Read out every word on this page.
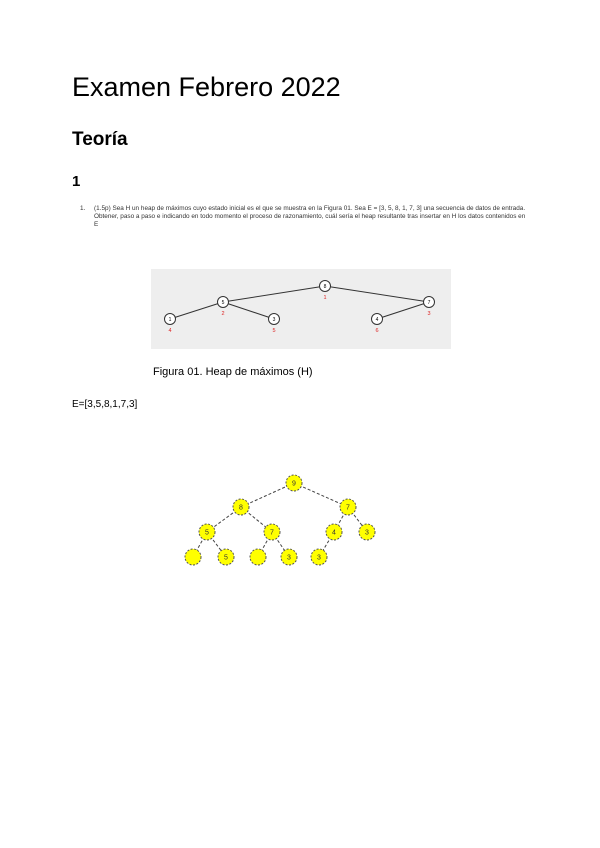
Examen Febrero 2022
Teoría
1
1. (1.5p) Sea H un heap de máximos cuyo estado inicial es el que se muestra en la Figura 01. Sea E = [3, 5, 8, 1, 7, 3] una secuencia de datos de entrada. Obtener, paso a paso e indicando en todo momento el proceso de razonamiento, cuál sería el heap resultante tras insertar en H los datos contenidos en E
8
1
5
2
7
3
1
4
3
5
4
6
Figura 01. Heap de máximos (H)
E=[3,5,8,1,7,3]
9
8	7
5	7	4	3
5	3	3
